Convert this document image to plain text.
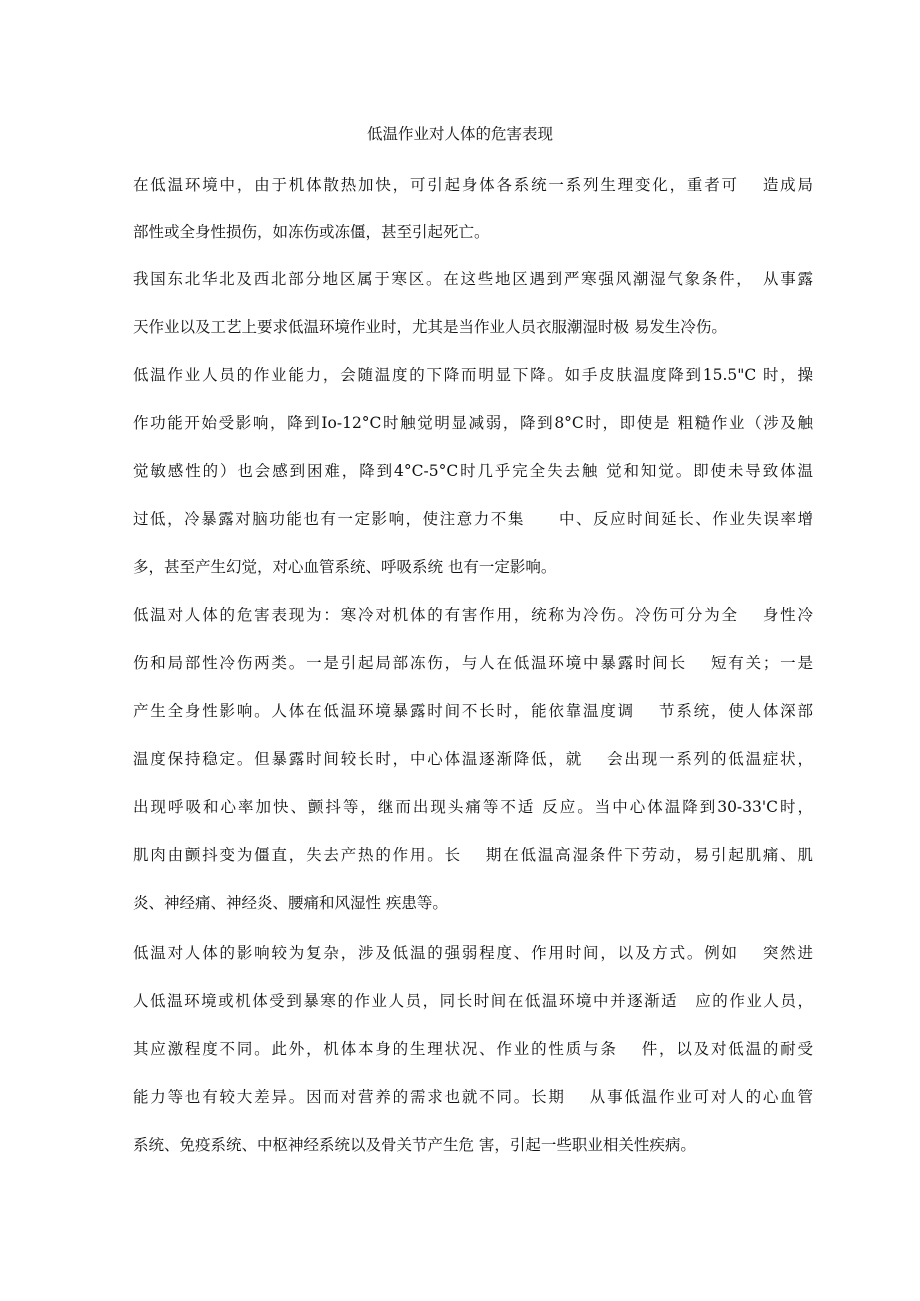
低温作业对人体的危害表现
在低温环境中，由于机体散热加快，可引起身体各系统一系列生理变化，重者可　 造成局
部性或全身性损伤，如冻伤或冻僵，甚至引起死亡。
我国东北华北及西北部分地区属于寒区。在这些地区遇到严寒强风潮湿气象条件，　从事露
天作业以及工艺上要求低温环境作业时，尤其是当作业人员衣服潮湿时极 易发生冷伤。
低温作业人员的作业能力，会随温度的下降而明显下降。如手皮肤温度降到15.5"C 时，操
作功能开始受影响，降到Io-12°C时触觉明显减弱，降到8°C时，即使是 粗糙作业（涉及触
觉敏感性的）也会感到困难，降到4°C-5°C时几乎完全失去触 觉和知觉。即使未导致体温
过低，冷暴露对脑功能也有一定影响，使注意力不集　　中、反应时间延长、作业失误率增
多，甚至产生幻觉，对心血管系统、呼吸系统 也有一定影响。
低温对人体的危害表现为：寒冷对机体的有害作用，统称为冷伤。冷伤可分为全　 身性冷
伤和局部性冷伤两类。一是引起局部冻伤，与人在低温环境中暴露时间长　 短有关；一是
产生全身性影响。人体在低温环境暴露时间不长时，能依靠温度调　 节系统，使人体深部
温度保持稳定。但暴露时间较长时，中心体温逐渐降低，就　 会出现一系列的低温症状，
出现呼吸和心率加快、颤抖等，继而出现头痛等不适 反应。当中心体温降到30-33'C时，
肌肉由颤抖变为僵直，失去产热的作用。长　 期在低温高湿条件下劳动，易引起肌痛、肌
炎、神经痛、神经炎、腰痛和风湿性 疾患等。
低温对人体的影响较为复杂，涉及低温的强弱程度、作用时间，以及方式。例如　 突然进
人低温环境或机体受到暴寒的作业人员，同长时间在低温环境中并逐渐适　应的作业人员，
其应激程度不同。此外，机体本身的生理状况、作业的性质与条　 件，以及对低温的耐受
能力等也有较大差异。因而对营养的需求也就不同。长期　 从事低温作业可对人的心血管
系统、免疫系统、中枢神经系统以及骨关节产生危 害，引起一些职业相关性疾病。
